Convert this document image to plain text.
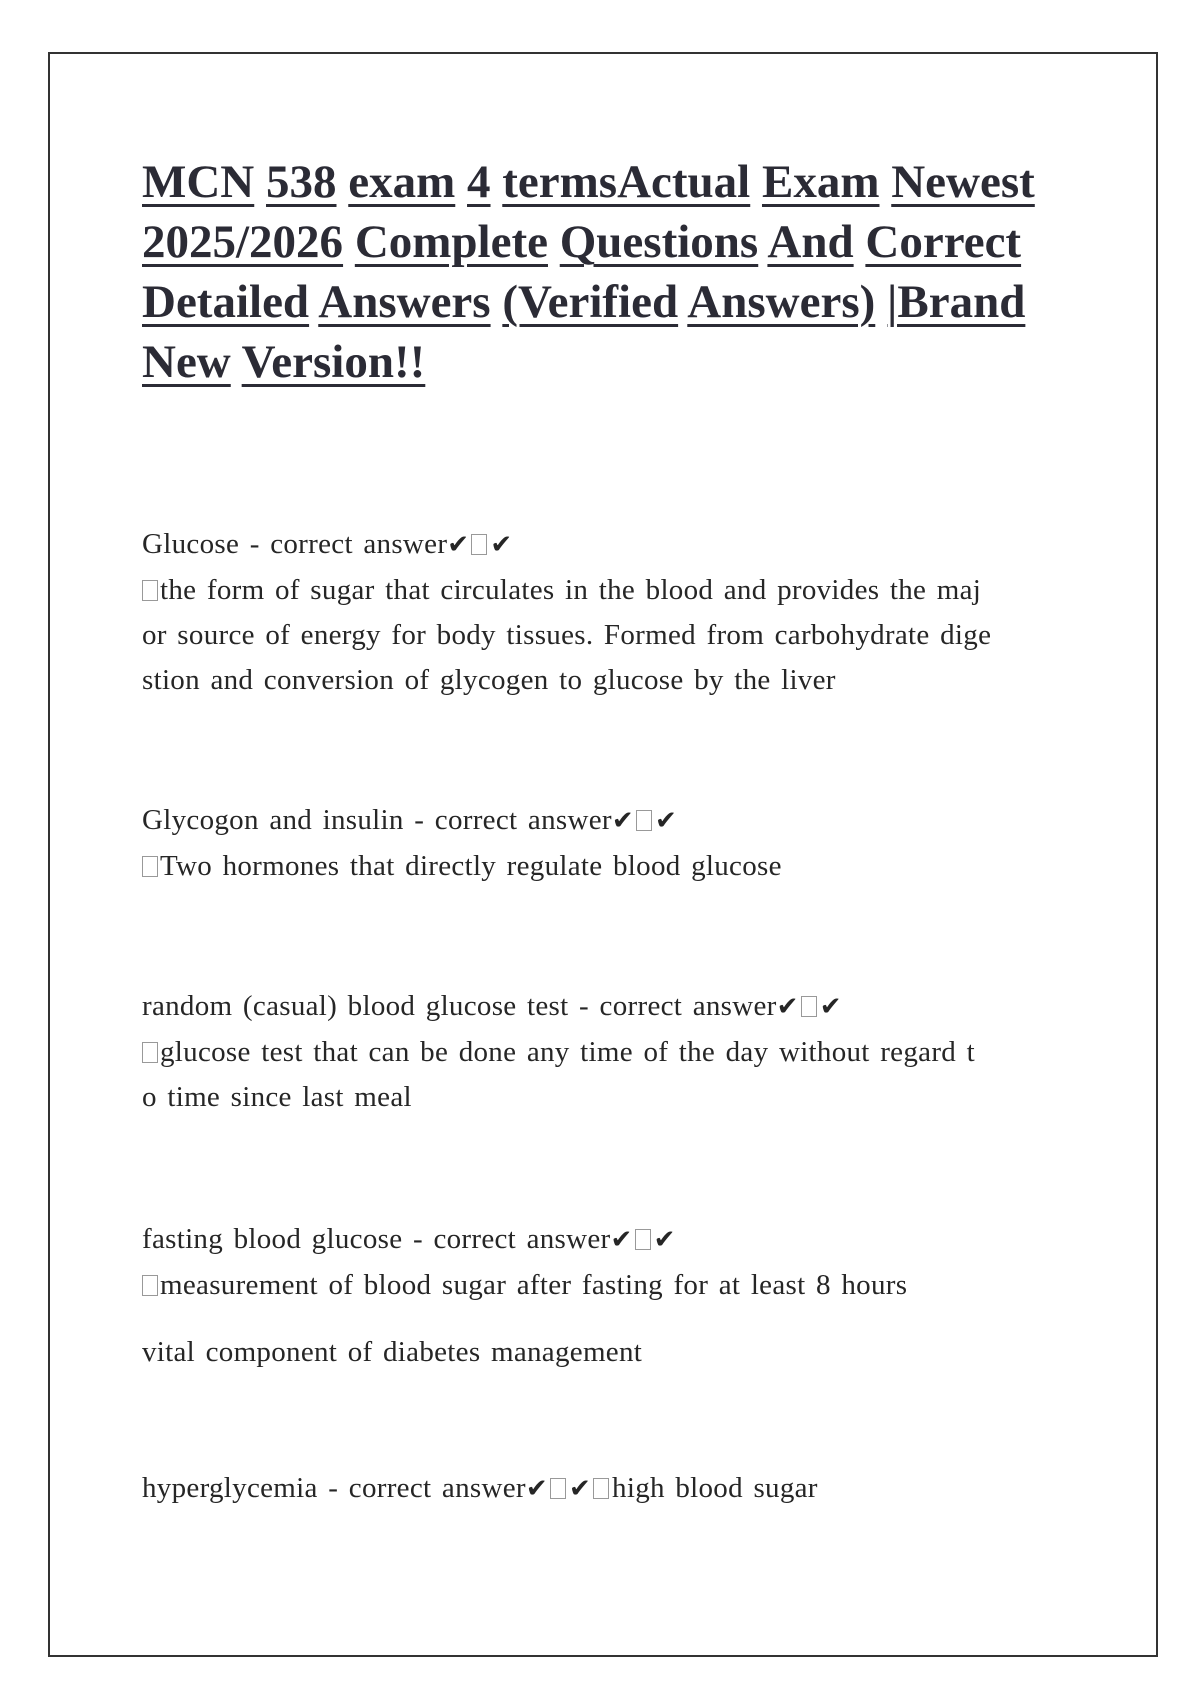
MCN 538 exam 4 termsActual Exam Newest
2025/2026 Complete Questions And Correct
Detailed Answers (Verified Answers) |Brand
New Version!!

Glucose - correct answer✔ ✔

the form of sugar that circulates in the blood and provides the maj

or source of energy for body tissues. Formed from carbohydrate dige

stion and conversion of glycogen to glucose by the liver

Glycogon and insulin - correct answer✔ ✔

Two hormones that directly regulate blood glucose

random (casual) blood glucose test - correct answer✔ ✔

glucose test that can be done any time of the day without regard t

o time since last meal

fasting blood glucose - correct answer✔ ✔

measurement of blood sugar after fasting for at least 8 hours

vital component of diabetes management

hyperglycemia - correct answer✔ ✔ high blood sugar
